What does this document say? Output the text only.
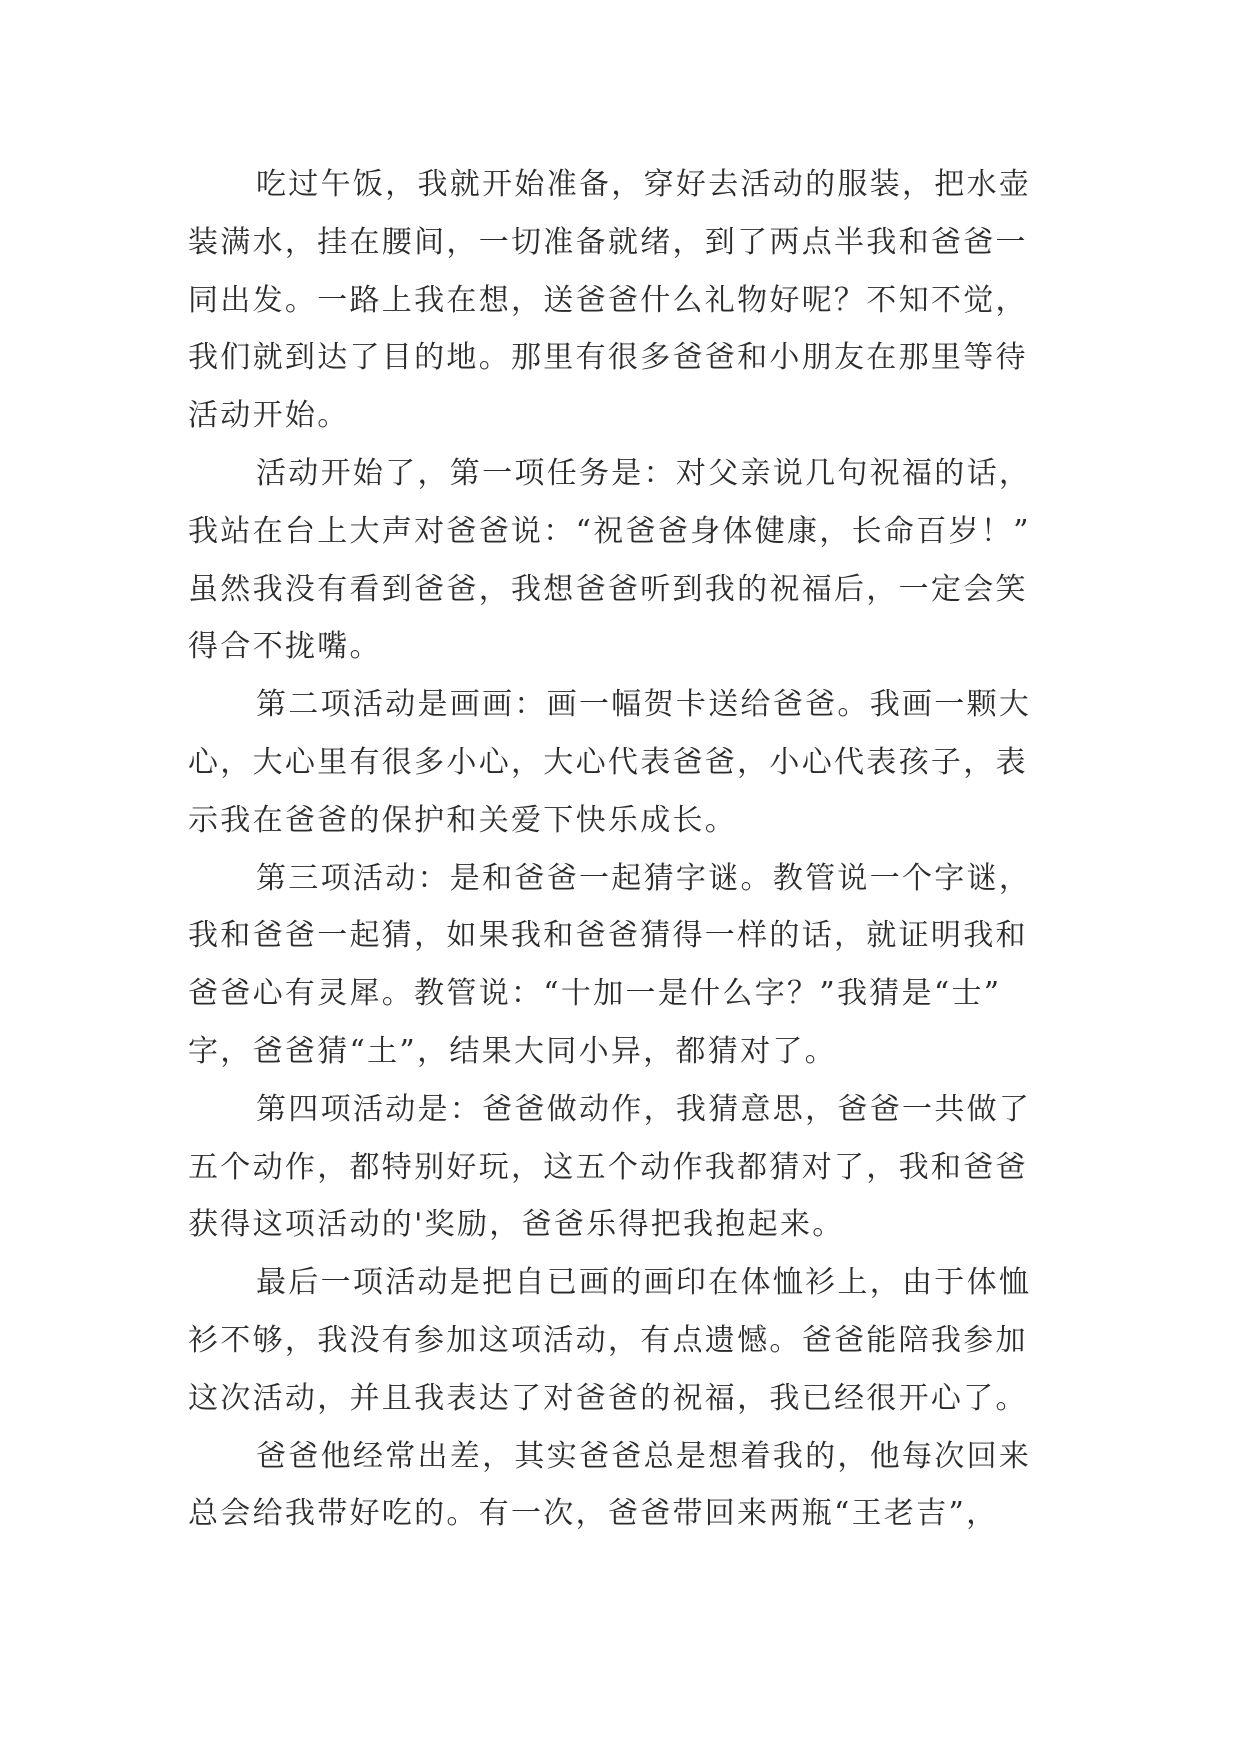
吃过午饭，我就开始准备，穿好去活动的服装，把水壶
装满水，挂在腰间，一切准备就绪，到了两点半我和爸爸一
同出发。一路上我在想，送爸爸什么礼物好呢？不知不觉，
我们就到达了目的地。那里有很多爸爸和小朋友在那里等待
活动开始。
活动开始了，第一项任务是：对父亲说几句祝福的话，
我站在台上大声对爸爸说：“祝爸爸身体健康，长命百岁！”
虽然我没有看到爸爸，我想爸爸听到我的祝福后，一定会笑
得合不拢嘴。
第二项活动是画画：画一幅贺卡送给爸爸。我画一颗大
心，大心里有很多小心，大心代表爸爸，小心代表孩子，表
示我在爸爸的保护和关爱下快乐成长。
第三项活动：是和爸爸一起猜字谜。教管说一个字谜，
我和爸爸一起猜，如果我和爸爸猜得一样的话，就证明我和
爸爸心有灵犀。教管说：“十加一是什么字？”我猜是“士”
字，爸爸猜“土”，结果大同小异，都猜对了。
第四项活动是：爸爸做动作，我猜意思，爸爸一共做了
五个动作，都特别好玩，这五个动作我都猜对了，我和爸爸
获得这项活动的'奖励，爸爸乐得把我抱起来。
最后一项活动是把自已画的画印在体恤衫上，由于体恤
衫不够，我没有参加这项活动，有点遗憾。爸爸能陪我参加
这次活动，并且我表达了对爸爸的祝福，我已经很开心了。
爸爸他经常出差，其实爸爸总是想着我的，他每次回来
总会给我带好吃的。有一次，爸爸带回来两瓶“王老吉”，
